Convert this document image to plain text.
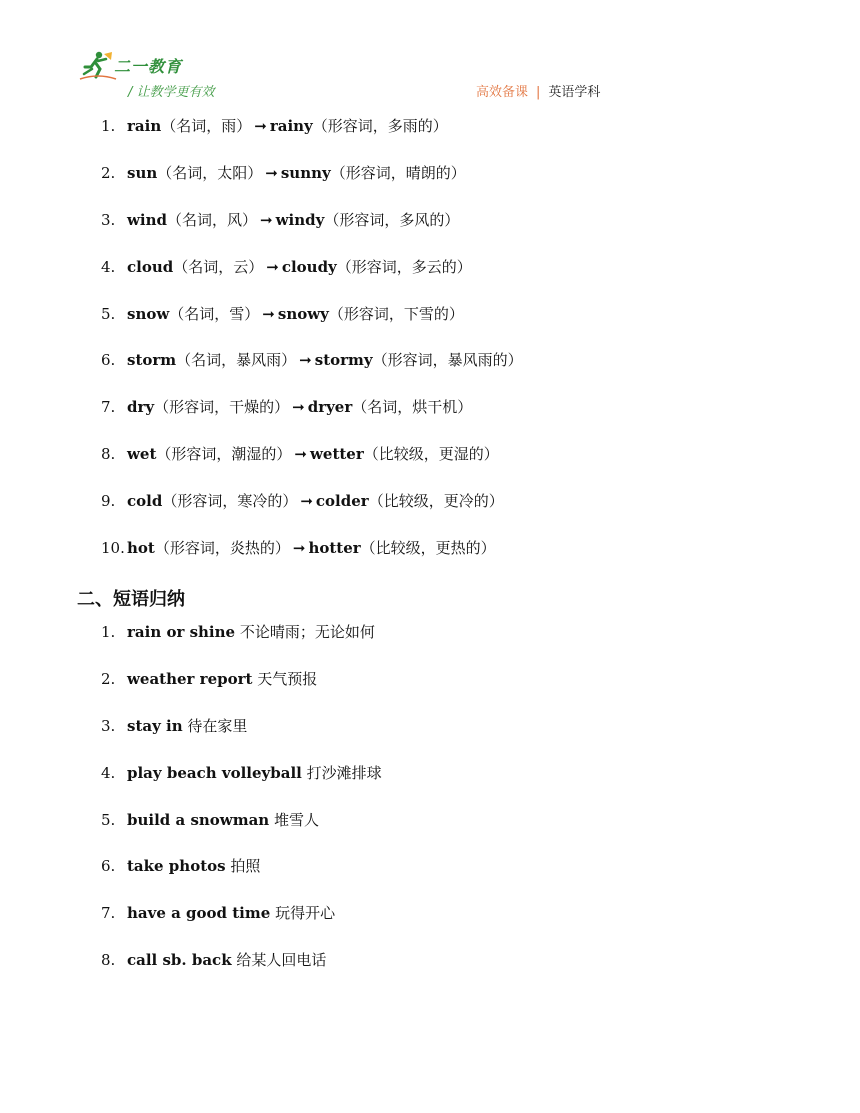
二一教育
/ 让教学更有效	高效备课 | 英语学科
1. rain（名词，雨） ➞ rainy（形容词，多雨的）
2. sun（名词，太阳） ➞ sunny（形容词，晴朗的）
3. wind（名词，风） ➞ windy（形容词，多风的）
4. cloud（名词，云） ➞ cloudy（形容词，多云的）
5. snow（名词，雪） ➞ snowy（形容词，下雪的）
6. storm（名词，暴风雨） ➞ stormy（形容词，暴风雨的）
7. dry（形容词，干燥的） ➞ dryer（名词，烘干机）
8. wet（形容词，潮湿的） ➞ wetter（比较级，更湿的）
9. cold（形容词，寒冷的） ➞ colder（比较级，更冷的）
10. hot（形容词，炎热的） ➞ hotter（比较级，更热的）
二、短语归纳
1. rain or shine 不论晴雨；无论如何
2. weather report 天气预报
3. stay in 待在家里
4. play beach volleyball 打沙滩排球
5. build a snowman 堆雪人
6. take photos 拍照
7. have a good time 玩得开心
8. call sb. back 给某人回电话
